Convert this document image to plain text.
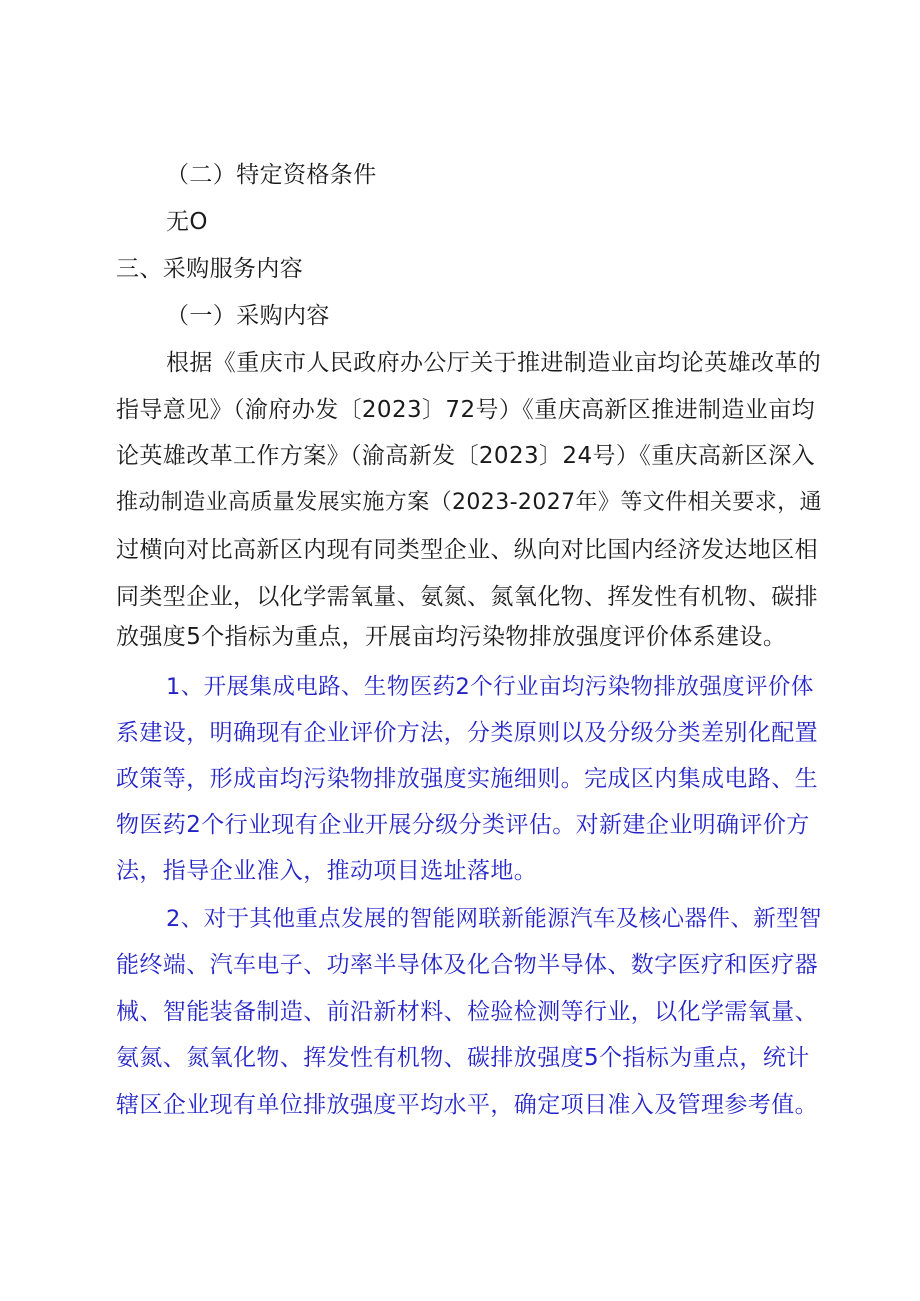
（二）特定资格条件

无O

三、采购服务内容

（一）采购内容

根据《重庆市人民政府办公厅关于推进制造业亩均论英雄改革的

指导意见》（渝府办发〔2023〕72号）《重庆高新区推进制造业亩均

论英雄改革工作方案》（渝高新发〔2023〕24号）《重庆高新区深入

推动制造业高质量发展实施方案（2023-2027年》等文件相关要求，通

过横向对比高新区内现有同类型企业、纵向对比国内经济发达地区相

同类型企业，以化学需氧量、氨氮、氮氧化物、挥发性有机物、碳排

放强度5个指标为重点，开展亩均污染物排放强度评价体系建设。

1、开展集成电路、生物医药2个行业亩均污染物排放强度评价体

系建设，明确现有企业评价方法，分类原则以及分级分类差别化配置

政策等，形成亩均污染物排放强度实施细则。完成区内集成电路、生

物医药2个行业现有企业开展分级分类评估。对新建企业明确评价方

法，指导企业准入，推动项目选址落地。

2、对于其他重点发展的智能网联新能源汽车及核心器件、新型智

能终端、汽车电子、功率半导体及化合物半导体、数字医疗和医疗器

械、智能装备制造、前沿新材料、检验检测等行业，以化学需氧量、

氨氮、氮氧化物、挥发性有机物、碳排放强度5个指标为重点，统计

辖区企业现有单位排放强度平均水平，确定项目准入及管理参考值。
